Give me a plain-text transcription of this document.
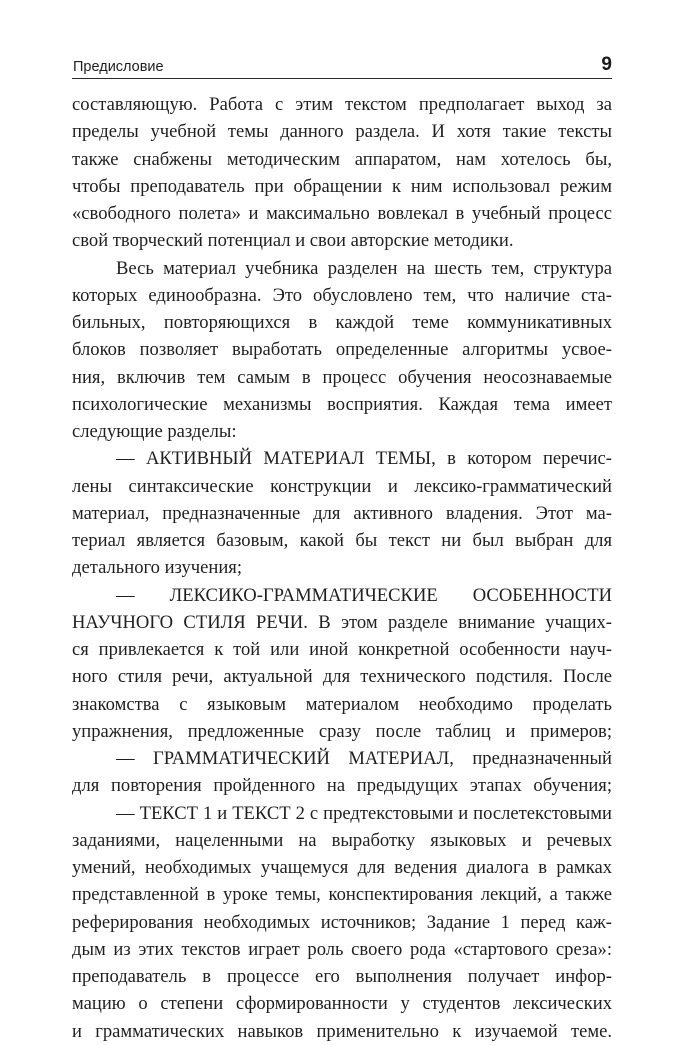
Предисловие	9
составляющую. Работа с этим текстом предполагает выход за
пределы учебной темы данного раздела. И хотя такие тексты
также снабжены методическим аппаратом, нам хотелось бы,
чтобы преподаватель при обращении к ним использовал режим
«свободного полета» и максимально вовлекал в учебный процесс
свой творческий потенциал и свои авторские методики.
Весь материал учебника разделен на шесть тем, структура
которых единообразна. Это обусловлено тем, что наличие ста-
бильных, повторяющихся в каждой теме коммуникативных
блоков позволяет выработать определенные алгоритмы усвое-
ния, включив тем самым в процесс обучения неосознаваемые
психологические механизмы восприятия. Каждая тема имеет
следующие разделы:
— АКТИВНЫЙ МАТЕРИАЛ ТЕМЫ, в котором перечис-
лены синтаксические конструкции и лексико-грамматический
материал, предназначенные для активного владения. Этот ма-
териал является базовым, какой бы текст ни был выбран для
детального изучения;
— ЛЕКСИКО-ГРАММАТИЧЕСКИЕ ОСОБЕННОСТИ
НАУЧНОГО СТИЛЯ РЕЧИ. В этом разделе внимание учащих-
ся привлекается к той или иной конкретной особенности науч-
ного стиля речи, актуальной для технического подстиля. После
знакомства с языковым материалом необходимо проделать
упражнения, предложенные сразу после таблиц и примеров;
— ГРАММАТИЧЕСКИЙ МАТЕРИАЛ, предназначенный
для повторения пройденного на предыдущих этапах обучения;
— ТЕКСТ 1 и ТЕКСТ 2 с предтекстовыми и послетекстовыми
заданиями, нацеленными на выработку языковых и речевых
умений, необходимых учащемуся для ведения диалога в рамках
представленной в уроке темы, конспектирования лекций, а также
реферирования необходимых источников; Задание 1 перед каж-
дым из этих текстов играет роль своего рода «стартового среза»:
преподаватель в процессе его выполнения получает инфор-
мацию о степени сформированности у студентов лексических
и грамматических навыков применительно к изучаемой теме.
